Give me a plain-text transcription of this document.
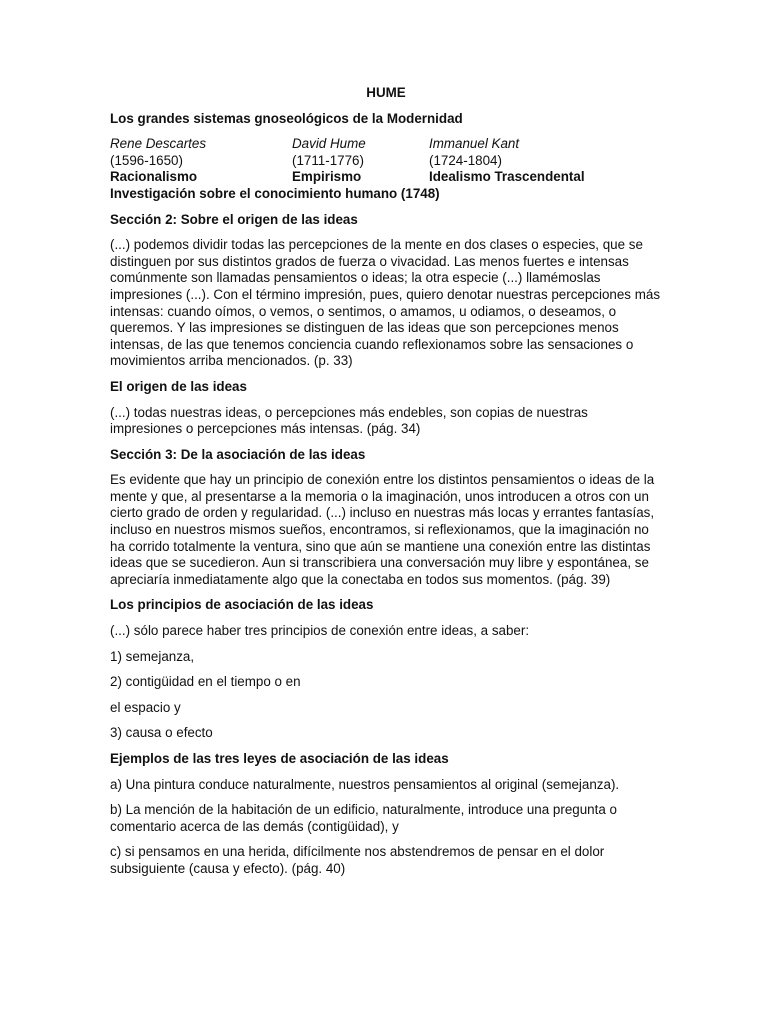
HUME

Los grandes sistemas gnoseológicos de la Modernidad

Rene Descartes	David Hume	Immanuel Kant
(1596-1650)	(1711-1776)	(1724-1804)
Racionalismo	Empirismo	Idealismo Trascendental

Investigación sobre el conocimiento humano (1748)

Sección 2: Sobre el origen de las ideas

(...) podemos dividir todas las percepciones de la mente en dos clases o especies, que se distinguen por sus distintos grados de fuerza o vivacidad. Las menos fuertes e intensas comúnmente son llamadas pensamientos o ideas; la otra especie (...) llamémoslas impresiones (...). Con el término impresión, pues, quiero denotar nuestras percepciones más intensas: cuando oímos, o vemos, o sentimos, o amamos, u odiamos, o deseamos, o queremos. Y las impresiones se distinguen de las ideas que son percepciones menos intensas, de las que tenemos conciencia cuando reflexionamos sobre las sensaciones o movimientos arriba mencionados. (p. 33)

El origen de las ideas

(...) todas nuestras ideas, o percepciones más endebles, son copias de nuestras impresiones o percepciones más intensas. (pág. 34)

Sección 3: De la asociación de las ideas

Es evidente que hay un principio de conexión entre los distintos pensamientos o ideas de la mente y que, al presentarse a la memoria o la imaginación, unos introducen a otros con un cierto grado de orden y regularidad. (...) incluso en nuestras más locas y errantes fantasías, incluso en nuestros mismos sueños, encontramos, si reflexionamos, que la imaginación no ha corrido totalmente la ventura, sino que aún se mantiene una conexión entre las distintas ideas que se sucedieron. Aun si transcribiera una conversación muy libre y espontánea, se apreciaría inmediatamente algo que la conectaba en todos sus momentos. (pág. 39)

Los principios de asociación de las ideas

(...) sólo parece haber tres principios de conexión entre ideas, a saber:

1) semejanza,

2) contigüidad en el tiempo o en

el espacio y

3) causa o efecto

Ejemplos de las tres leyes de asociación de las ideas

a) Una pintura conduce naturalmente, nuestros pensamientos al original (semejanza).

b) La mención de la habitación de un edificio, naturalmente, introduce una pregunta o comentario acerca de las demás (contigüidad), y

c) si pensamos en una herida, difícilmente nos abstendremos de pensar en el dolor subsiguiente (causa y efecto). (pág. 40)
